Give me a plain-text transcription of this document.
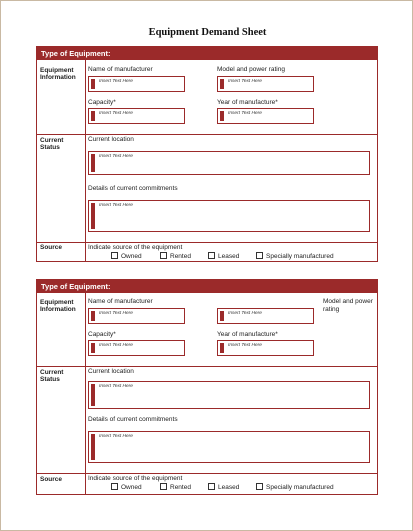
Equipment Demand Sheet
Type of Equipment:
Equipment Information
Name of manufacturer	Model and power rating
Insert Text Here	Insert Text Here
Capacity*	Year of manufacture*
Insert Text Here	Insert Text Here
Current Status
Current location
Insert Text Here
Details of current commitments
Insert Text Here
Source	Indicate source of the equipment
Owned	Rented	Leased	Specially manufactured
Type of Equipment:
Equipment Information
Name of manufacturer	Model and power rating
Insert Text Here	Insert Text Here
Capacity*	Year of manufacture*
Insert Text Here	Insert Text Here
Current Status
Current location
Insert Text Here
Details of current commitments
Insert Text Here
Source	Indicate source of the equipment
Owned	Rented	Leased	Specially manufactured
